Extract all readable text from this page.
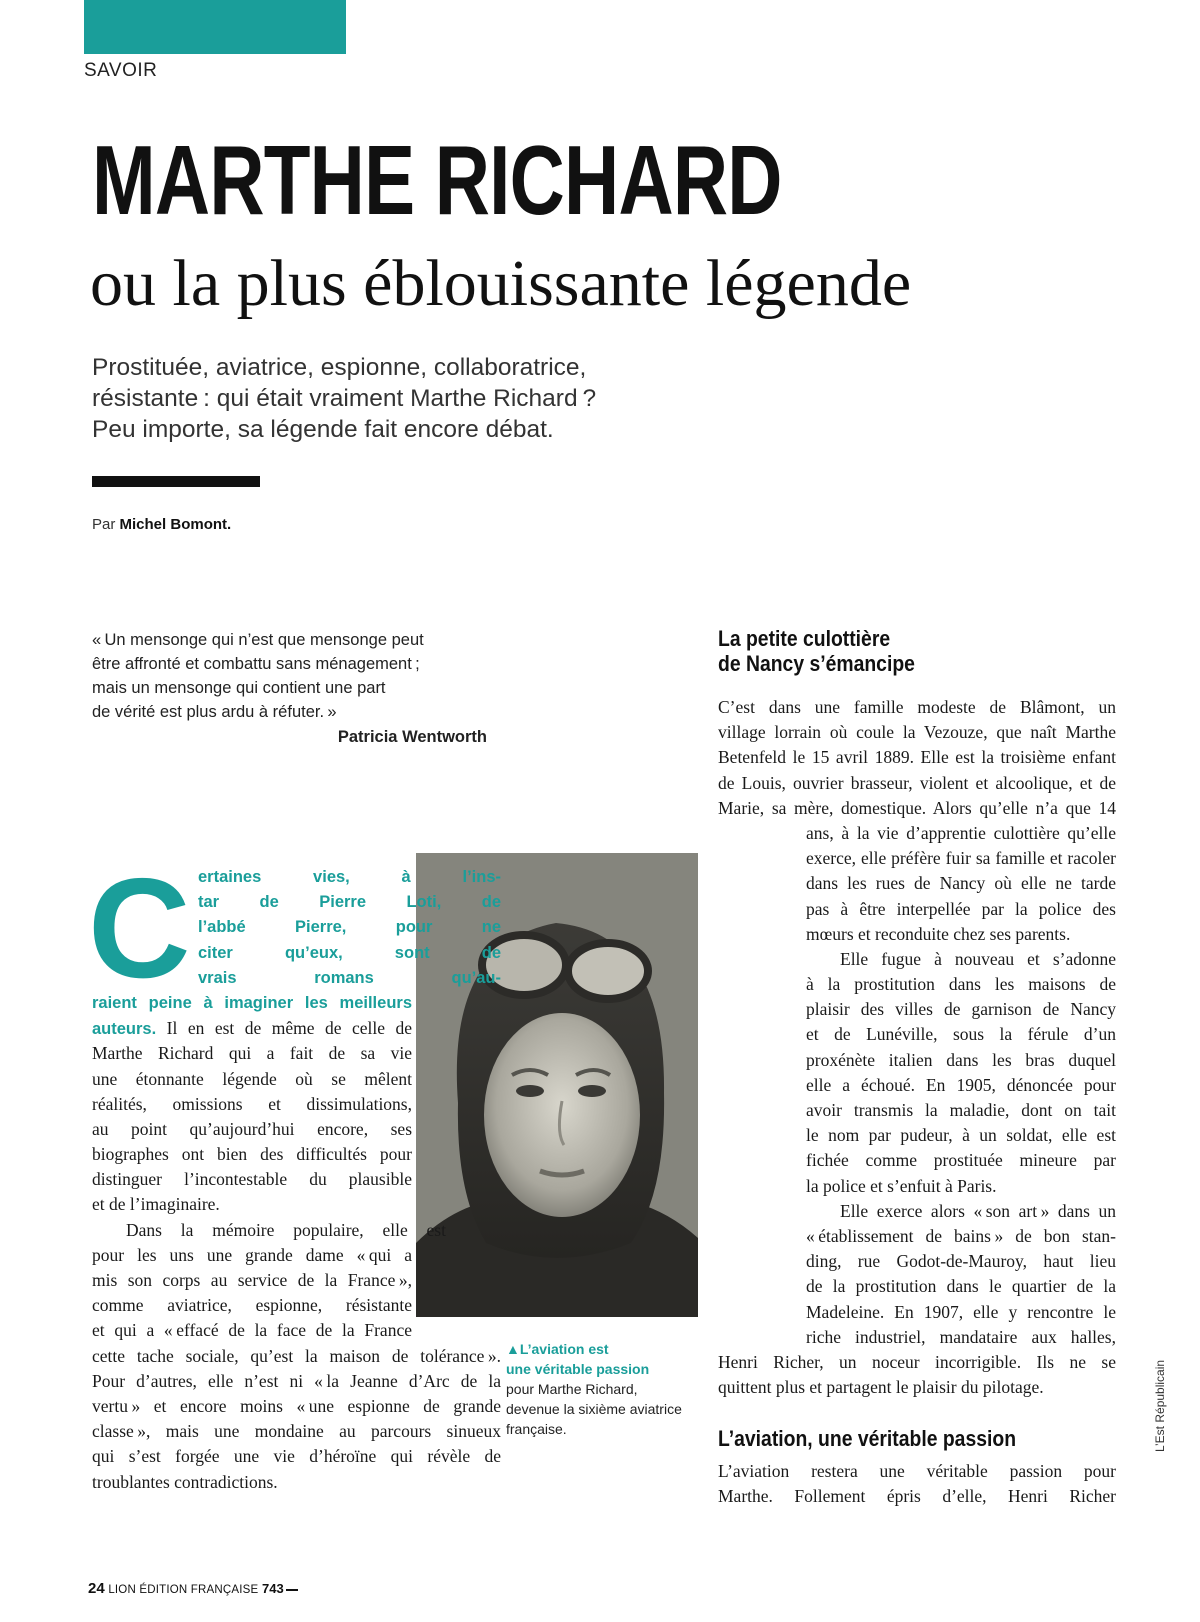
SAVOIR
MARTHE RICHARD
ou la plus éblouissante légende

Prostituée, aviatrice, espionne, collaboratrice,
résistante : qui était vraiment Marthe Richard ?
Peu importe, sa légende fait encore débat.

Par Michel Bomont.
« Un mensonge qui n’est que mensonge peut
être affronté et combattu sans ménagement ;
mais un mensonge qui contient une part
de vérité est plus ardu à réfuter. »
Patricia Wentworth
▲L’aviation est
une véritable passion
pour Marthe Richard,
devenue la sixième aviatrice
française.
C ertaines vies, à l’ins-
tar de Pierre Loti, de
l’abbé Pierre, pour ne
citer qu’eux, sont de
vrais romans qu’au-
raient peine à imaginer les meilleurs
auteurs. Il en est de même de celle de
Marthe Richard qui a fait de sa vie
une étonnante légende où se mêlent
réalités, omissions et dissimulations,
au point qu’aujourd’hui encore, ses
biographes ont bien des difficultés pour
distinguer l’incontestable du plausible
et de l’imaginaire.
Dans la mémoire populaire, elle est
pour les uns une grande dame « qui a
mis son corps au service de la France »,
comme aviatrice, espionne, résistante
et qui a « effacé de la face de la France
cette tache sociale, qu’est la maison de tolérance ».
Pour d’autres, elle n’est ni « la Jeanne d’Arc de la
vertu » et encore moins « une espionne de grande
classe », mais une mondaine au parcours sinueux
qui s’est forgée une vie d’héroïne qui révèle de
troublantes contradictions.
La petite culottière
de Nancy s’émancipe
C’est dans une famille modeste de Blâmont, un
village lorrain où coule la Vezouze, que naît Marthe
Betenfeld le 15 avril 1889. Elle est la troisième enfant
de Louis, ouvrier brasseur, violent et alcoolique, et de
Marie, sa mère, domestique. Alors qu’elle n’a que 14
ans, à la vie d’apprentie culottière qu’elle
exerce, elle préfère fuir sa famille et racoler
dans les rues de Nancy où elle ne tarde
pas à être interpellée par la police des
mœurs et reconduite chez ses parents.
Elle fugue à nouveau et s’adonne
à la prostitution dans les maisons de
plaisir des villes de garnison de Nancy
et de Lunéville, sous la férule d’un
proxénète italien dans les bras duquel
elle a échoué. En 1905, dénoncée pour
avoir transmis la maladie, dont on tait
le nom par pudeur, à un soldat, elle est
fichée comme prostituée mineure par
la police et s’enfuit à Paris.
Elle exerce alors « son art » dans un
« établissement de bains » de bon stan-
ding, rue Godot-de-Mauroy, haut lieu
de la prostitution dans le quartier de la
Madeleine. En 1907, elle y rencontre le
riche industriel, mandataire aux halles,
Henri Richer, un noceur incorrigible. Ils ne se
quittent plus et partagent le plaisir du pilotage.
L’aviation, une véritable passion
L’aviation restera une véritable passion pour
Marthe. Follement épris d’elle, Henri Richer
L’Est Républicain
24 LION ÉDITION FRANÇAISE 743
